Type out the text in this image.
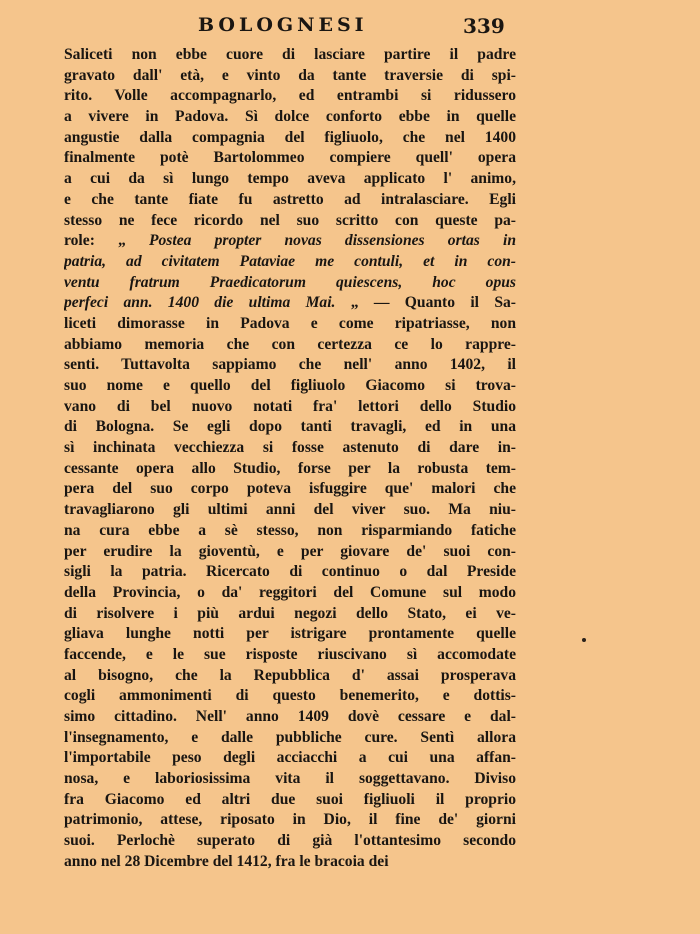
BOLOGNESI	339
Saliceti non ebbe cuore di lasciare partire il padre
gravato dall' età, e vinto da tante traversie di spi-
rito. Volle accompagnarlo, ed entrambi si ridussero
a vivere in Padova. Sì dolce conforto ebbe in quelle
angustie dalla compagnia del figliuolo, che nel 1400
finalmente potè Bartolommeo compiere quell' opera
a cui da sì lungo tempo aveva applicato l' animo,
e che tante fiate fu astretto ad intralasciare. Egli
stesso ne fece ricordo nel suo scritto con queste pa-
role: „ Postea propter novas dissensiones ortas in
patria, ad civitatem Pataviae me contuli, et in con-
ventu fratrum Praedicatorum quiescens, hoc opus
perfeci ann. 1400 die ultima Mai. „ — Quanto il Sa-
liceti dimorasse in Padova e come ripatriasse, non
abbiamo memoria che con certezza ce lo rappre-
senti. Tuttavolta sappiamo che nell' anno 1402, il
suo nome e quello del figliuolo Giacomo si trova-
vano di bel nuovo notati fra' lettori dello Studio
di Bologna. Se egli dopo tanti travagli, ed in una
sì inchinata vecchiezza si fosse astenuto di dare in-
cessante opera allo Studio, forse per la robusta tem-
pera del suo corpo poteva isfuggire que' malori che
travagliarono gli ultimi anni del viver suo. Ma niu-
na cura ebbe a sè stesso, non risparmiando fatiche
per erudire la gioventù, e per giovare de' suoi con-
sigli la patria. Ricercato di continuo o dal Preside
della Provincia, o da' reggitori del Comune sul modo
di risolvere i più ardui negozi dello Stato, ei ve-
gliava lunghe notti per istrigare prontamente quelle
faccende, e le sue risposte riuscivano sì accomodate
al bisogno, che la Repubblica d' assai prosperava
cogli ammonimenti di questo benemerito, e dottis-
simo cittadino. Nell' anno 1409 dovè cessare e dal-
l'insegnamento, e dalle pubbliche cure. Sentì allora
l'importabile peso degli acciacchi a cui una affan-
nosa, e laboriosissima vita il soggettavano. Diviso
fra Giacomo ed altri due suoi figliuoli il proprio
patrimonio, attese, riposato in Dio, il fine de' giorni
suoi. Perlochè superato di già l'ottantesimo secondo
anno nel 28 Dicembre del 1412, fra le bracoia dei
